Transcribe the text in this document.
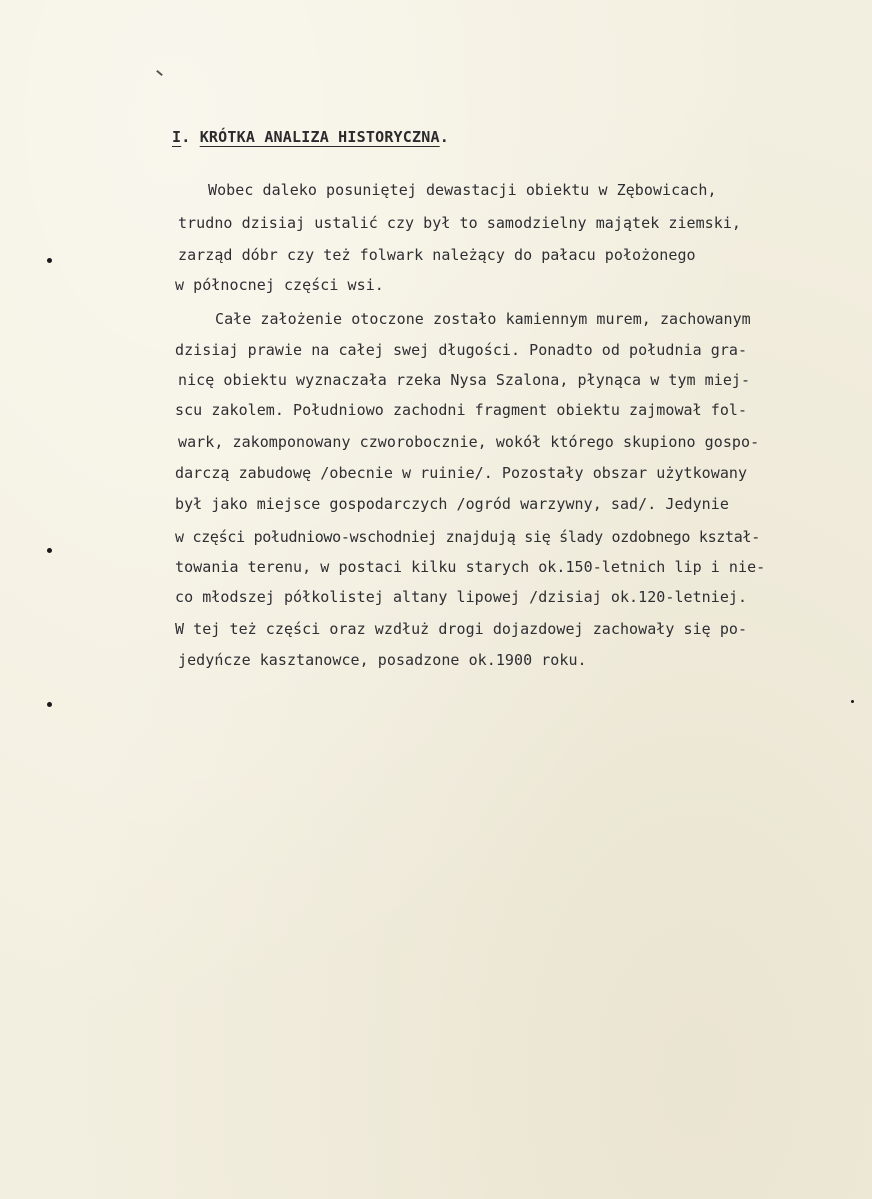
I. KRÓTKA ANALIZA HISTORYCZNA.
Wobec daleko posuniętej dewastacji obiektu w Zębowicach,
trudno dzisiaj ustalić czy był to samodzielny majątek ziemski,
zarząd dóbr czy też folwark należący do pałacu położonego
w północnej części wsi.
Całe założenie otoczone zostało kamiennym murem, zachowanym
dzisiaj prawie na całej swej długości. Ponadto od południa gra-
nicę obiektu wyznaczała rzeka Nysa Szalona, płynąca w tym miej-
scu zakolem. Południowo zachodni fragment obiektu zajmował fol-
wark, zakomponowany czworobocznie, wokół którego skupiono gospo-
darczą zabudowę /obecnie w ruinie/. Pozostały obszar użytkowany
był jako miejsce gospodarczych /ogród warzywny, sad/. Jedynie
w części południowo-wschodniej znajdują się ślady ozdobnego kształ-
towania terenu, w postaci kilku starych ok.150-letnich lip i nie-
co młodszej półkolistej altany lipowej /dzisiaj ok.120-letniej.
W tej też części oraz wzdłuż drogi dojazdowej zachowały się po-
jedyńcze kasztanowce, posadzone ok.1900 roku.
